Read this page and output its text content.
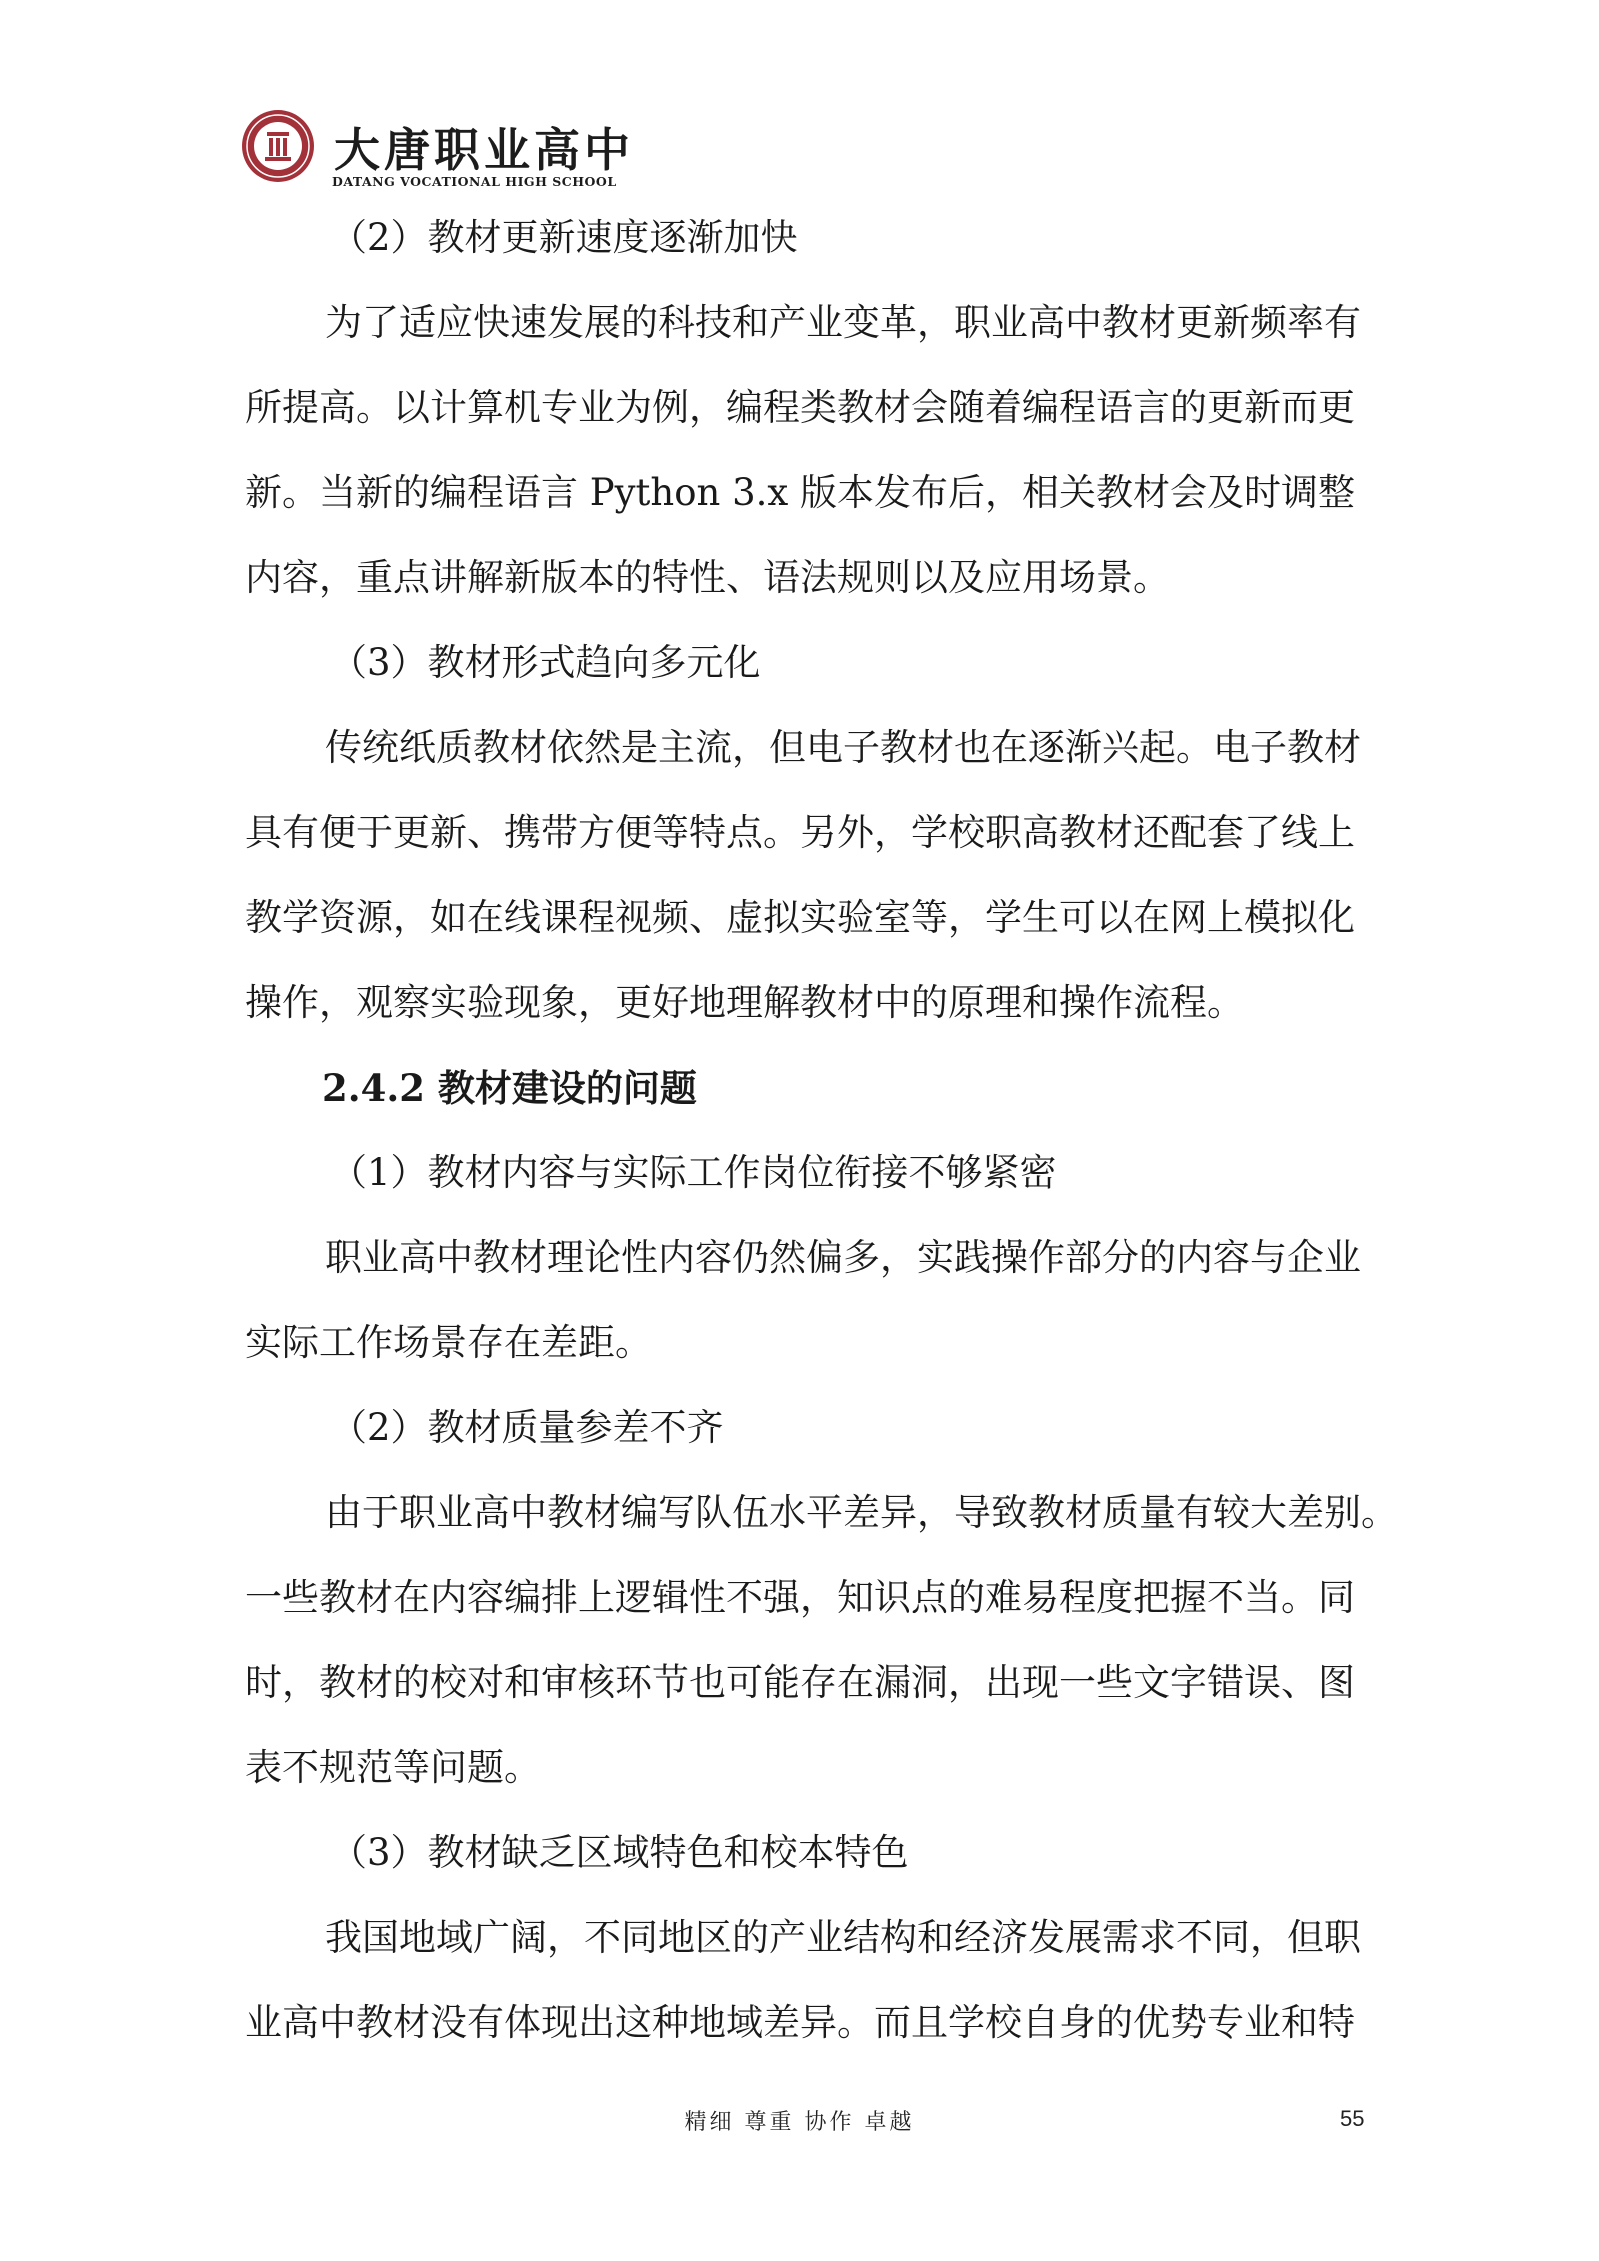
大唐职业高中
DATANG VOCATIONAL HIGH SCHOOL
（2）教材更新速度逐渐加快
为了适应快速发展的科技和产业变革，职业高中教材更新频率有
所提高。以计算机专业为例，编程类教材会随着编程语言的更新而更
新。当新的编程语言 Python 3.x 版本发布后，相关教材会及时调整
内容，重点讲解新版本的特性、语法规则以及应用场景。
（3）教材形式趋向多元化
传统纸质教材依然是主流，但电子教材也在逐渐兴起。电子教材
具有便于更新、携带方便等特点。另外，学校职高教材还配套了线上
教学资源，如在线课程视频、虚拟实验室等，学生可以在网上模拟化
操作，观察实验现象，更好地理解教材中的原理和操作流程。
2.4.2 教材建设的问题
（1）教材内容与实际工作岗位衔接不够紧密
职业高中教材理论性内容仍然偏多，实践操作部分的内容与企业
实际工作场景存在差距。
（2）教材质量参差不齐
由于职业高中教材编写队伍水平差异，导致教材质量有较大差别。
一些教材在内容编排上逻辑性不强，知识点的难易程度把握不当。同
时，教材的校对和审核环节也可能存在漏洞，出现一些文字错误、图
表不规范等问题。
（3）教材缺乏区域特色和校本特色
我国地域广阔，不同地区的产业结构和经济发展需求不同，但职
业高中教材没有体现出这种地域差异。而且学校自身的优势专业和特
精细 尊重 协作 卓越	55
